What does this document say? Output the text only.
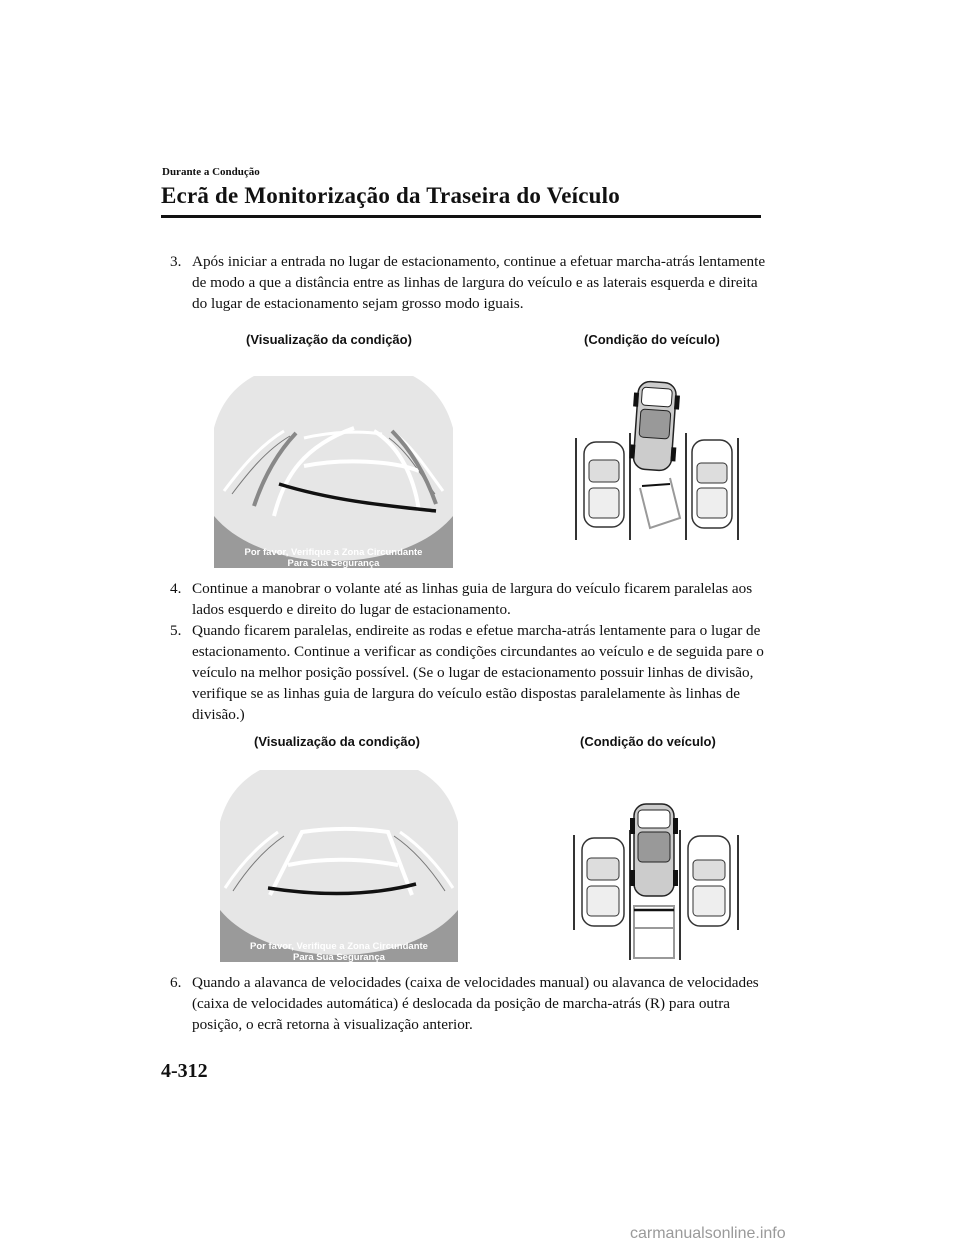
Durante a Condução
Ecrã de Monitorização da Traseira do Veículo
3. Após iniciar a entrada no lugar de estacionamento, continue a efetuar marcha-atrás lentamente de modo a que a distância entre as linhas de largura do veículo e as laterais esquerda e direita do lugar de estacionamento sejam grosso modo iguais.
(Visualização da condição)	(Condição do veículo)
Por favor, Verifique a Zona Circundante
Para Sua Segurança
4. Continue a manobrar o volante até as linhas guia de largura do veículo ficarem paralelas aos lados esquerdo e direito do lugar de estacionamento.
5. Quando ficarem paralelas, endireite as rodas e efetue marcha-atrás lentamente para o lugar de estacionamento. Continue a verificar as condições circundantes ao veículo e de seguida pare o veículo na melhor posição possível. (Se o lugar de estacionamento possuir linhas de divisão, verifique se as linhas guia de largura do veículo estão dispostas paralelamente às linhas de divisão.)
(Visualização da condição)	(Condição do veículo)
Por favor, Verifique a Zona Circundante
Para Sua Segurança
6. Quando a alavanca de velocidades (caixa de velocidades manual) ou alavanca de velocidades (caixa de velocidades automática) é deslocada da posição de marcha-atrás (R) para outra posição, o ecrã retorna à visualização anterior.
4-312
carmanualsonline.info
